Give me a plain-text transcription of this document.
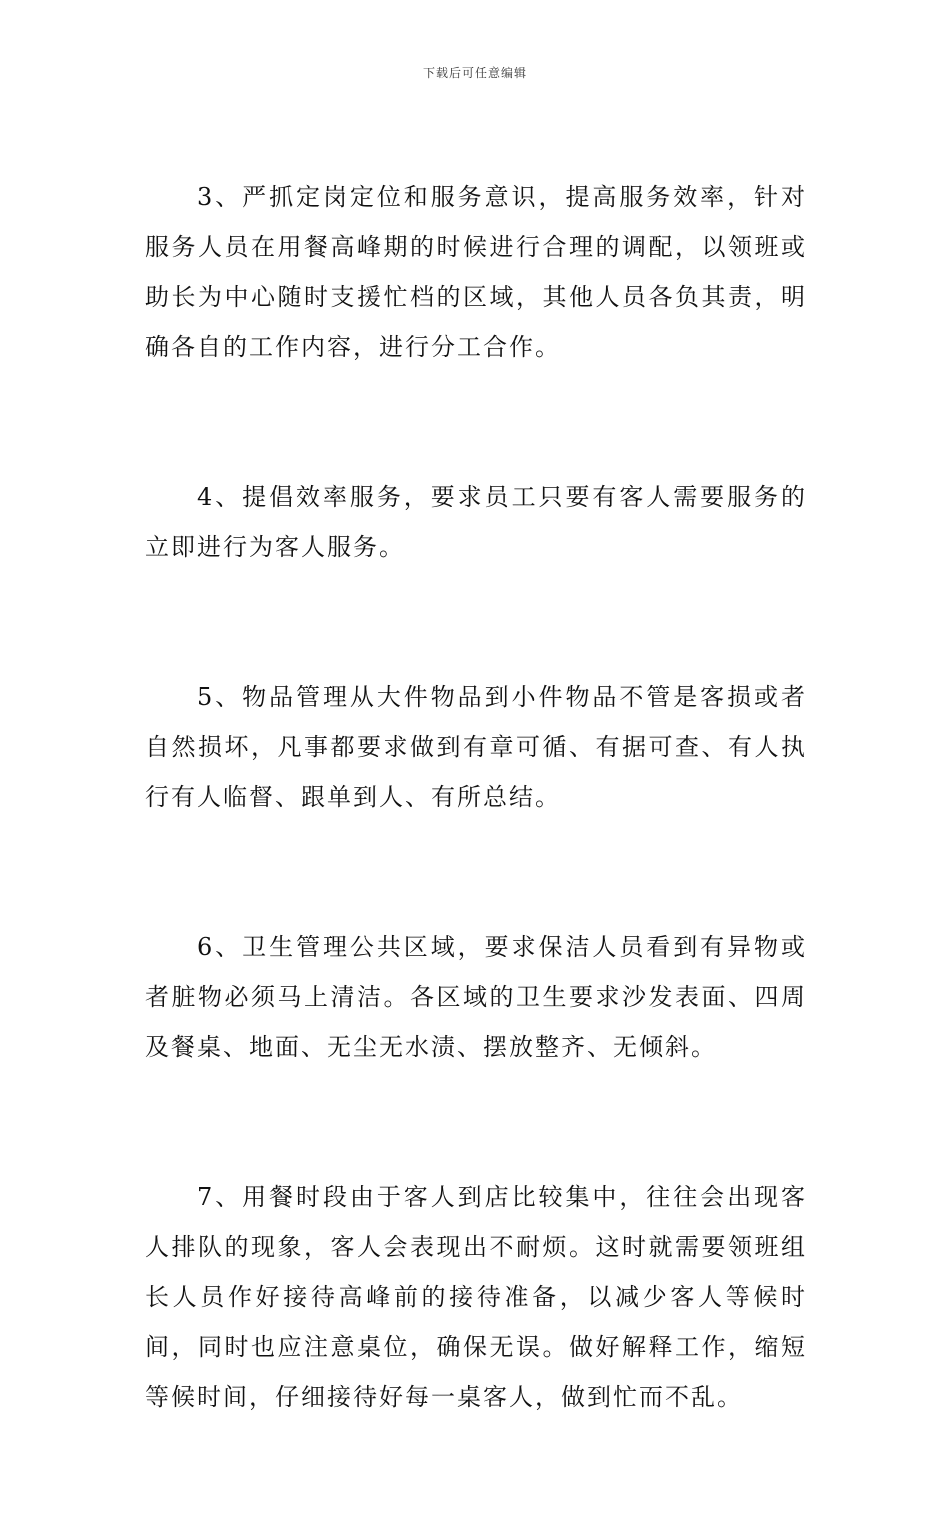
下载后可任意编辑

3、严抓定岗定位和服务意识，提高服务效率，针对服务人员在用餐高峰期的时候进行合理的调配，以领班或助长为中心随时支援忙档的区域，其他人员各负其责，明确各自的工作内容，进行分工合作。

4、提倡效率服务，要求员工只要有客人需要服务的立即进行为客人服务。

5、物品管理从大件物品到小件物品不管是客损或者自然损坏，凡事都要求做到有章可循、有据可查、有人执行有人临督、跟单到人、有所总结。

6、卫生管理公共区域，要求保洁人员看到有异物或者脏物必须马上清洁。各区域的卫生要求沙发表面、四周及餐桌、地面、无尘无水渍、摆放整齐、无倾斜。

7、用餐时段由于客人到店比较集中，往往会出现客人排队的现象，客人会表现出不耐烦。这时就需要领班组长人员作好接待高峰前的接待准备，以减少客人等候时间，同时也应注意桌位，确保无误。做好解释工作，缩短等候时间，仔细接待好每一桌客人，做到忙而不乱。
